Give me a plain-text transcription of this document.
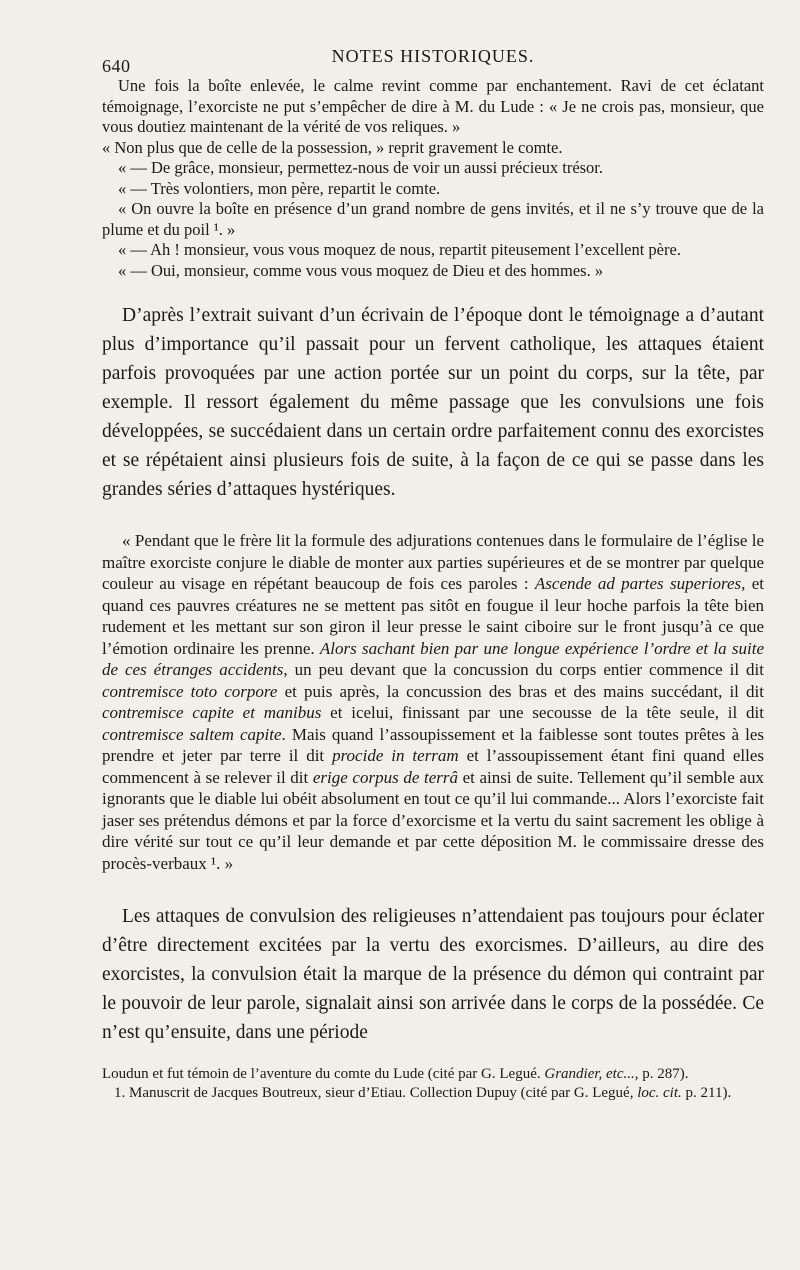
640	NOTES HISTORIQUES.

Une fois la boîte enlevée, le calme revint comme par enchantement. Ravi de cet éclatant témoignage, l’exorciste ne put s’empêcher de dire à M. du Lude : « Je ne crois pas, monsieur, que vous doutiez maintenant de la vérité de vos reliques. »

« Non plus que de celle de la possession, » reprit gravement le comte.

« — De grâce, monsieur, permettez-nous de voir un aussi précieux trésor.

« — Très volontiers, mon père, repartit le comte.

« On ouvre la boîte en présence d’un grand nombre de gens invités, et il ne s’y trouve que de la plume et du poil ¹. »

« — Ah ! monsieur, vous vous moquez de nous, repartit piteusement l’excellent père.

« — Oui, monsieur, comme vous vous moquez de Dieu et des hommes. »

D’après l’extrait suivant d’un écrivain de l’époque dont le témoignage a d’autant plus d’importance qu’il passait pour un fervent catholique, les attaques étaient parfois provoquées par une action portée sur un point du corps, sur la tête, par exemple. Il ressort également du même passage que les convulsions une fois développées, se succédaient dans un certain ordre parfaitement connu des exorcistes et se répétaient ainsi plusieurs fois de suite, à la façon de ce qui se passe dans les grandes séries d’attaques hystériques.

« Pendant que le frère lit la formule des adjurations contenues dans le formulaire de l’église le maître exorciste conjure le diable de monter aux parties supérieures et de se montrer par quelque couleur au visage en répétant beaucoup de fois ces paroles : Ascende ad partes superiores, et quand ces pauvres créatures ne se mettent pas sitôt en fougue il leur hoche parfois la tête bien rudement et les mettant sur son giron il leur presse le saint ciboire sur le front jusqu’à ce que l’émotion ordinaire les prenne. Alors sachant bien par une longue expérience l’ordre et la suite de ces étranges accidents, un peu devant que la concussion du corps entier commence il dit contremisce toto corpore et puis après, la concussion des bras et des mains succédant, il dit contremisce capite et manibus et icelui, finissant par une secousse de la tête seule, il dit contremisce saltem capite. Mais quand l’assoupissement et la faiblesse sont toutes prêtes à les prendre et jeter par terre il dit procide in terram et l’assoupissement étant fini quand elles commencent à se relever il dit erige corpus de terrâ et ainsi de suite. Tellement qu’il semble aux ignorants que le diable lui obéit absolument en tout ce qu’il lui commande... Alors l’exorciste fait jaser ses prétendus démons et par la force d’exorcisme et la vertu du saint sacrement les oblige à dire vérité sur tout ce qu’il leur demande et par cette déposition M. le commissaire dresse des procès-verbaux ¹. »

Les attaques de convulsion des religieuses n’attendaient pas toujours pour éclater d’être directement excitées par la vertu des exorcismes. D’ailleurs, au dire des exorcistes, la convulsion était la marque de la présence du démon qui contraint par le pouvoir de leur parole, signalait ainsi son arrivée dans le corps de la possédée. Ce n’est qu’ensuite, dans une période

Loudun et fut témoin de l’aventure du comte du Lude (cité par G. Legué. Grandier, etc..., p. 287).

1. Manuscrit de Jacques Boutreux, sieur d’Etiau. Collection Dupuy (cité par G. Legué, loc. cit. p. 211).
